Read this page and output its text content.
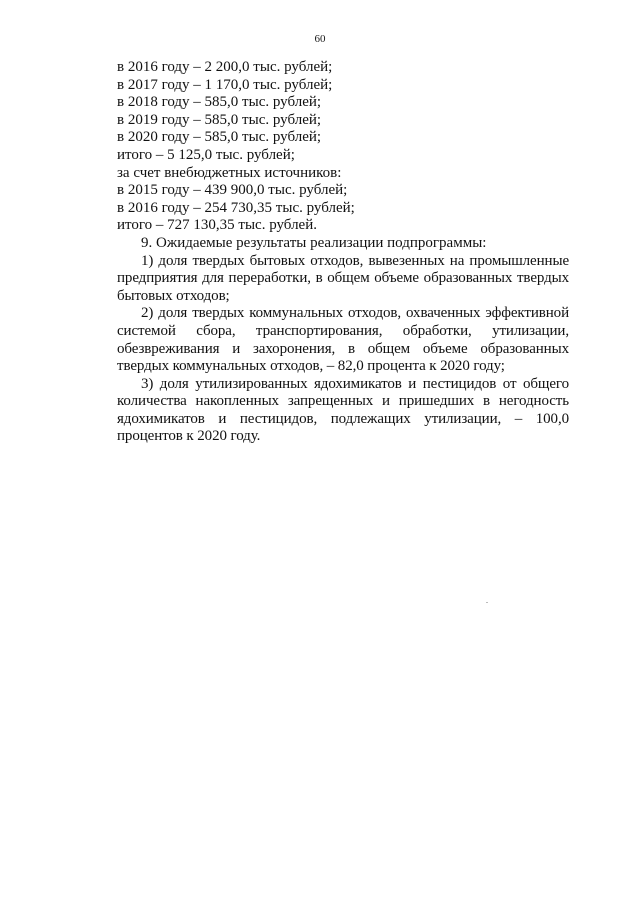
60
в 2016 году – 2 200,0 тыс. рублей;
в 2017 году – 1 170,0 тыс. рублей;
в 2018 году – 585,0 тыс. рублей;
в 2019 году – 585,0 тыс. рублей;
в 2020 году – 585,0 тыс. рублей;
итого – 5 125,0 тыс. рублей;
за счет внебюджетных источников:
в 2015 году – 439 900,0 тыс. рублей;
в 2016 году – 254 730,35 тыс. рублей;
итого – 727 130,35 тыс. рублей.
9. Ожидаемые результаты реализации подпрограммы:
1) доля твердых бытовых отходов, вывезенных на промышленные предприятия для переработки, в общем объеме образованных твердых бытовых отходов;
2) доля твердых коммунальных отходов, охваченных эффективной системой сбора, транспортирования, обработки, утилизации, обезвреживания и захоронения, в общем объеме образованных твердых коммунальных отходов, – 82,0 процента к 2020 году;
3) доля утилизированных ядохимикатов и пестицидов от общего количества накопленных запрещенных и пришедших в негодность ядохимикатов и пестицидов, подлежащих утилизации, – 100,0 процентов к 2020 году.
